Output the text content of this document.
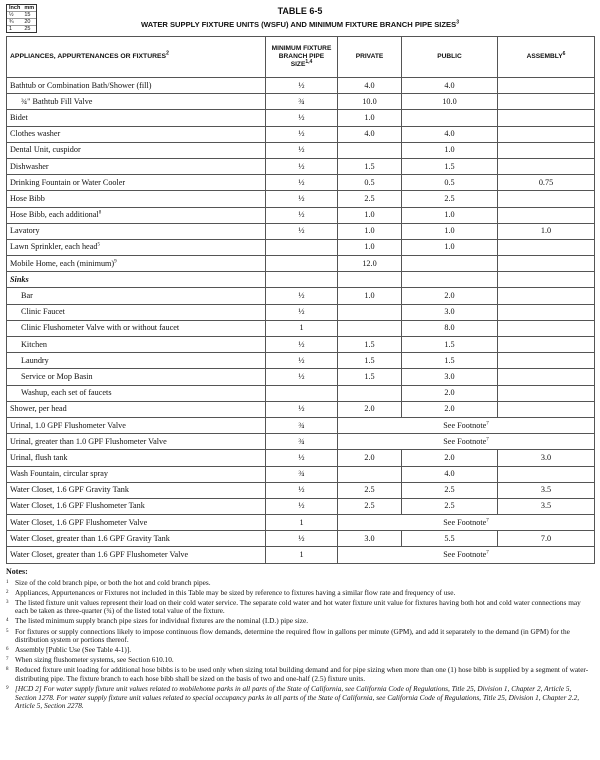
Inch	mm
½	15
¾	20
1	25
TABLE 6-5
WATER SUPPLY FIXTURE UNITS (WSFU) AND MINIMUM FIXTURE BRANCH PIPE SIZES$^3$
APPLIANCES, APPURTENANCES OR FIXTURES$^2$	MINIMUM FIXTURE BRANCH PIPE SIZE$^{1,4}$	PRIVATE	PUBLIC	ASSEMBLY$^6$
Bathtub or Combination Bath/Shower (fill)	½	4.0	4.0	
¾" Bathtub Fill Valve	¾	10.0	10.0	
Bidet	½	1.0		
Clothes washer	½	4.0	4.0	
Dental Unit, cuspidor	½		1.0	
Dishwasher	½	1.5	1.5	
Drinking Fountain or Water Cooler	½	0.5	0.5	0.75
Hose Bibb	½	2.5	2.5	
Hose Bibb, each additional$^8$	½	1.0	1.0	
Lavatory	½	1.0	1.0	1.0
Lawn Sprinkler, each head$^5$		1.0	1.0	
Mobile Home, each (minimum)$^9$		12.0		
Sinks				
Bar	½	1.0	2.0	
Clinic Faucet	½		3.0	
Clinic Flushometer Valve with or without faucet	1		8.0	
Kitchen	½	1.5	1.5	
Laundry	½	1.5	1.5	
Service or Mop Basin	½	1.5	3.0	
Washup, each set of faucets			2.0	
Shower, per head	½	2.0	2.0	
Urinal, 1.0 GPF Flushometer Valve	¾	See Footnote$^7$
Urinal, greater than 1.0 GPF Flushometer Valve	¾	See Footnote$^7$
Urinal, flush tank	½	2.0	2.0	3.0
Wash Fountain, circular spray	¾		4.0	
Water Closet, 1.6 GPF Gravity Tank	½	2.5	2.5	3.5
Water Closet, 1.6 GPF Flushometer Tank	½	2.5	2.5	3.5
Water Closet, 1.6 GPF Flushometer Valve	1	See Footnote$^7$
Water Closet, greater than 1.6 GPF Gravity Tank	½	3.0	5.5	7.0
Water Closet, greater than 1.6 GPF Flushometer Valve	1	See Footnote$^7$
Notes:
1 Size of the cold branch pipe, or both the hot and cold branch pipes.
2 Appliances, Appurtenances or Fixtures not included in this Table may be sized by reference to fixtures having a similar flow rate and frequency of use.
3 The listed fixture unit values represent their load on their cold water service. The separate cold water and hot water fixture unit value for fixtures having both hot and cold water connections may each be taken as three-quarter (¾) of the listed total value of the fixture.
4 The listed minimum supply branch pipe sizes for individual fixtures are the nominal (I.D.) pipe size.
5 For fixtures or supply connections likely to impose continuous flow demands, determine the required flow in gallons per minute (GPM), and add it separately to the demand (in GPM) for the distribution system or portions thereof.
6 Assembly [Public Use (See Table 4-1)].
7 When sizing flushometer systems, see Section 610.10.
8 Reduced fixture unit loading for additional hose bibbs is to be used only when sizing total building demand and for pipe sizing when more than one (1) hose bibb is supplied by a segment of water-distributing pipe. The fixture branch to each hose bibb shall be sized on the basis of two and one-half (2.5) fixture units.
9 [HCD 2] For water supply fixture unit values related to mobilehome parks in all parts of the State of California, see California Code of Regulations, Title 25, Division 1, Chapter 2, Article 5, Section 1278. For water supply fixture unit values related to special occupancy parks in all parts of the State of California, see California Code of Regulations, Title 25, Division 1, Chapter 2.2, Article 5, Section 2278.
